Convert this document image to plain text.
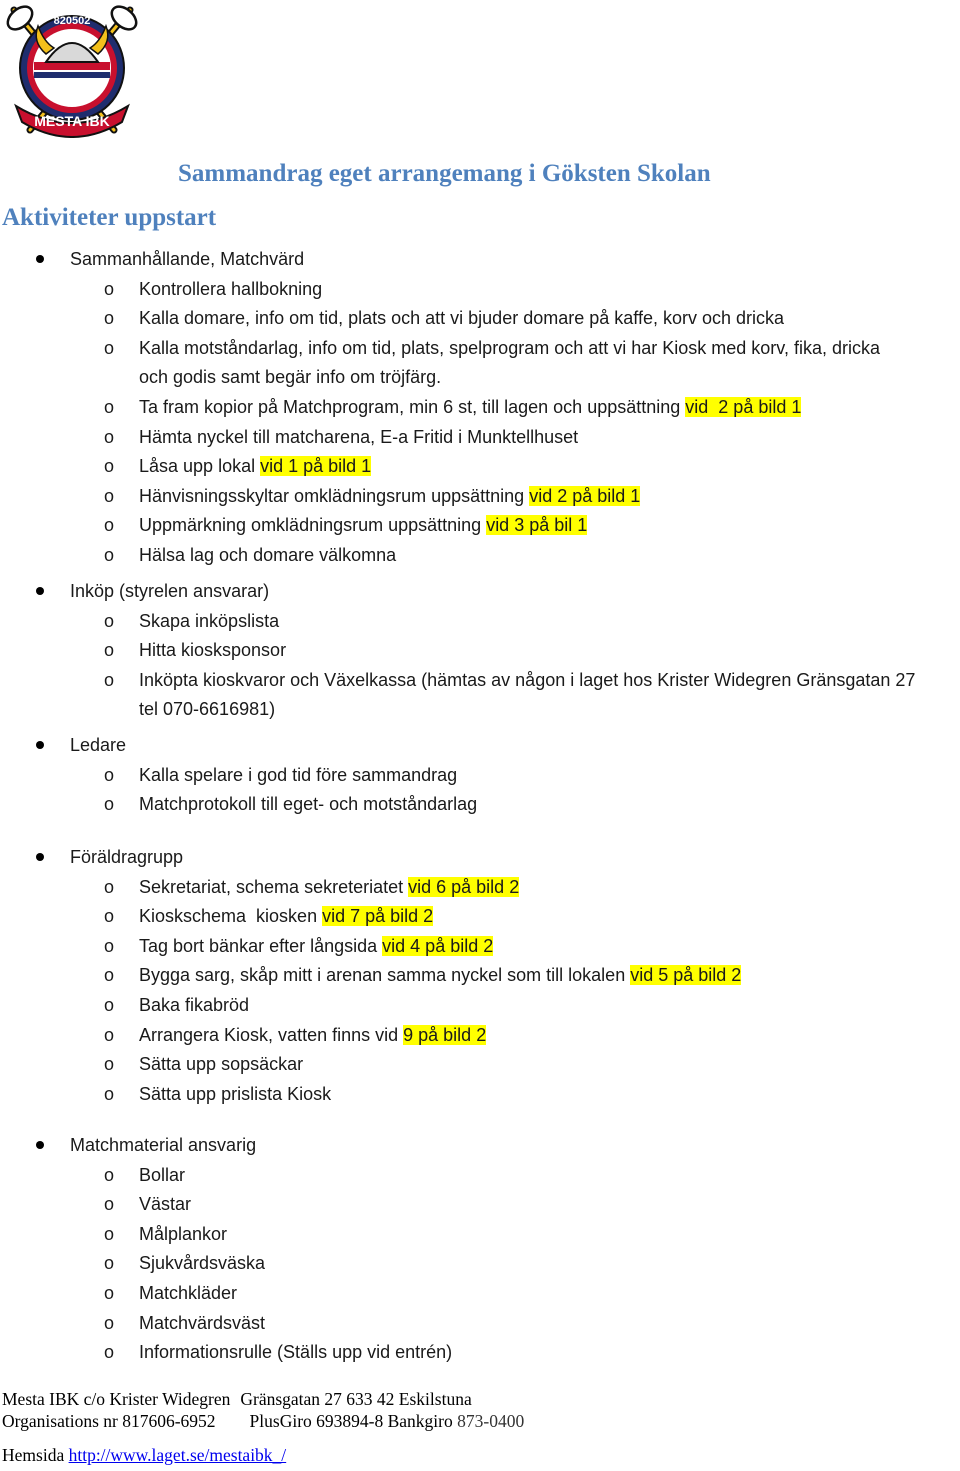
820502
MESTA IBK
Sammandrag eget arrangemang i Göksten Skolan
Aktiviteter uppstart
Sammanhållande, Matchvärd
o Kontrollera hallbokning
o Kalla domare, info om tid, plats och att vi bjuder domare på kaffe, korv och dricka
o Kalla motståndarlag, info om tid, plats, spelprogram och att vi har Kiosk med korv, fika, dricka
och godis samt begär info om tröjfärg.
o Ta fram kopior på Matchprogram, min 6 st, till lagen och uppsättning vid  2 på bild 1
o Hämta nyckel till matcharena, E-a Fritid i Munktellhuset
o Låsa upp lokal vid 1 på bild 1
o Hänvisningsskyltar omklädningsrum uppsättning vid 2 på bild 1
o Uppmärkning omklädningsrum uppsättning vid 3 på bil 1
o Hälsa lag och domare välkomna
Inköp (styrelen ansvarar)
o Skapa inköpslista
o Hitta kiosksponsor
o Inköpta kioskvaror och Växelkassa (hämtas av någon i laget hos Krister Widegren Gränsgatan 27
tel 070-6616981)
Ledare
o Kalla spelare i god tid före sammandrag
o Matchprotokoll till eget- och motståndarlag
Föräldragrupp
o Sekretariat, schema sekreteriatet vid 6 på bild 2
o Kioskschema  kiosken vid 7 på bild 2
o Tag bort bänkar efter långsida vid 4 på bild 2
o Bygga sarg, skåp mitt i arenan samma nyckel som till lokalen vid 5 på bild 2
o Baka fikabröd
o Arrangera Kiosk, vatten finns vid 9 på bild 2
o Sätta upp sopsäckar
o Sätta upp prislista Kiosk
Matchmaterial ansvarig
o Bollar
o Västar
o Målplankor
o Sjukvårdsväska
o Matchkläder
o Matchvärdsväst
o Informationsrulle (Ställs upp vid entrén)
Mesta IBK c/o Krister Widegren Gränsgatan 27 633 42 Eskilstuna
Organisations nr 817606-6952 PlusGiro 693894-8 Bankgiro 873-0400
Hemsida http://www.laget.se/mestaibk_/
